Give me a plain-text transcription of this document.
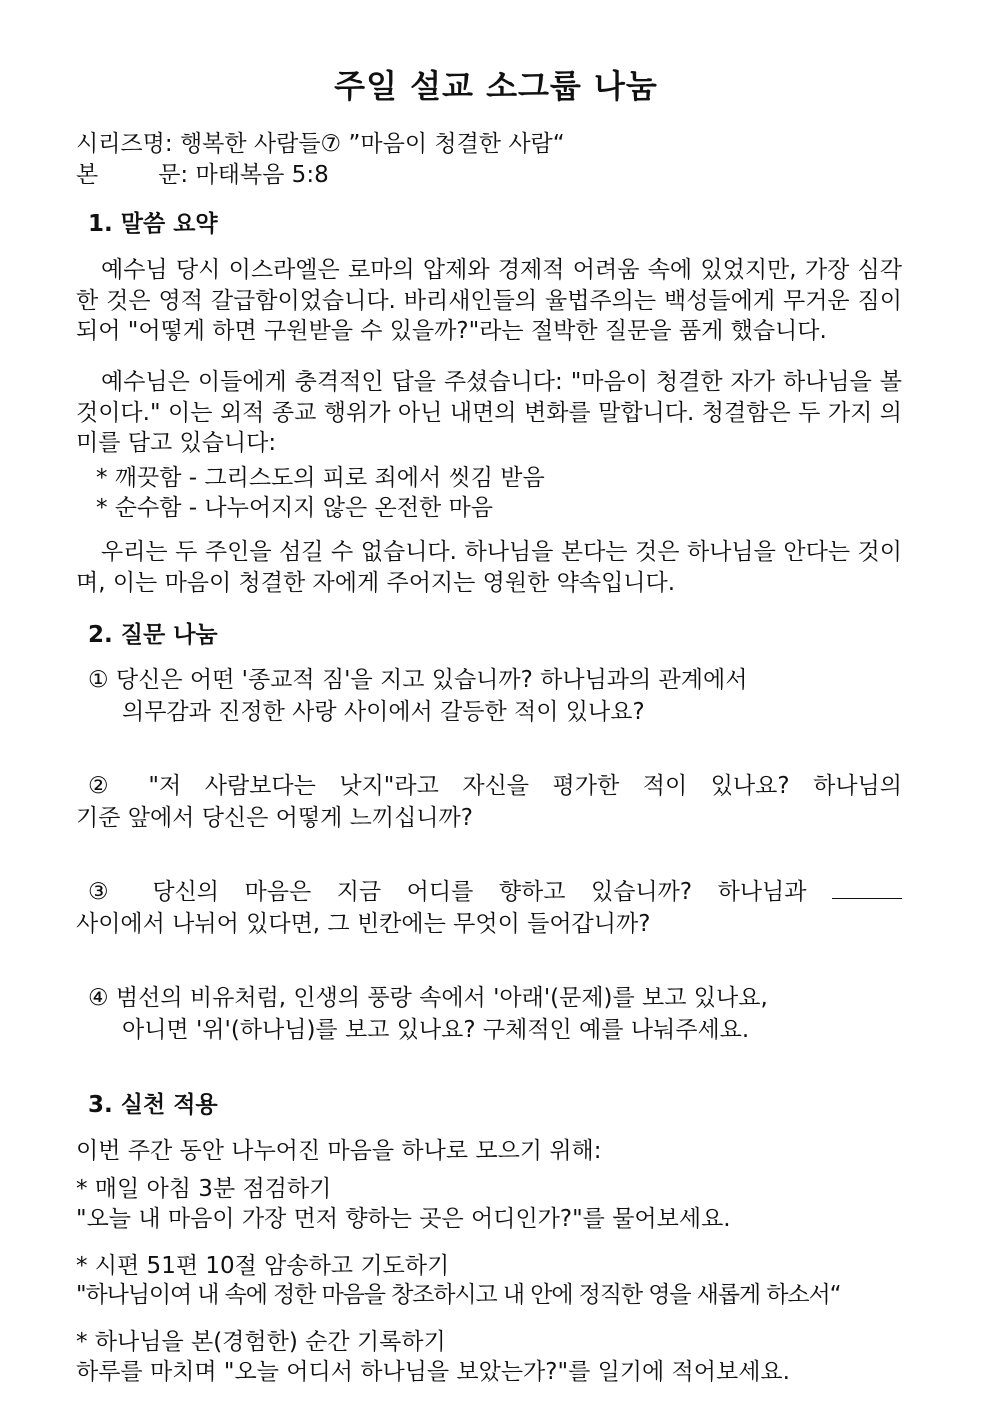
주일 설교 소그룹 나눔
시리즈명: 행복한 사람들⑦ ”마음이 청결한 사람“
본	문: 마태복음 5:8
1. 말씀 요약

예수님 당시 이스라엘은 로마의 압제와 경제적 어려움 속에 있었지만, 가장 심각한 것은 영적 갈급함이었습니다. 바리새인들의 율법주의는 백성들에게 무거운 짐이 되어 "어떻게 하면 구원받을 수 있을까?"라는 절박한 질문을 품게 했습니다.

예수님은 이들에게 충격적인 답을 주셨습니다: "마음이 청결한 자가 하나님을 볼 것이다." 이는 외적 종교 행위가 아닌 내면의 변화를 말합니다. 청결함은 두 가지 의미를 담고 있습니다:

* 깨끗함 - 그리스도의 피로 죄에서 씻김 받음
* 순수함 - 나누어지지 않은 온전한 마음

우리는 두 주인을 섬길 수 없습니다. 하나님을 본다는 것은 하나님을 안다는 것이며, 이는 마음이 청결한 자에게 주어지는 영원한 약속입니다.

2. 질문 나눔
① 당신은 어떤 '종교적 짐'을 지고 있습니까? 하나님과의 관계에서
의무감과 진정한 사랑 사이에서 갈등한 적이 있나요?
② "저 사람보다는 낫지"라고 자신을 평가한 적이 있나요? 하나님의
기준 앞에서 당신은 어떻게 느끼십니까?
③ 당신의 마음은 지금 어디를 향하고 있습니까? 하나님과
사이에서 나뉘어 있다면, 그 빈칸에는 무엇이 들어갑니까?
④ 범선의 비유처럼, 인생의 풍랑 속에서 '아래'(문제)를 보고 있나요,
아니면 '위'(하나님)를 보고 있나요? 구체적인 예를 나눠주세요.
3. 실천 적용
이번 주간 동안 나누어진 마음을 하나로 모으기 위해:
* 매일 아침 3분 점검하기
"오늘 내 마음이 가장 먼저 향하는 곳은 어디인가?"를 물어보세요.
* 시편 51편 10절 암송하고 기도하기
"하나님이여 내 속에 정한 마음을 창조하시고 내 안에 정직한 영을 새롭게 하소서“
* 하나님을 본(경험한) 순간 기록하기
하루를 마치며 "오늘 어디서 하나님을 보았는가?"를 일기에 적어보세요.
